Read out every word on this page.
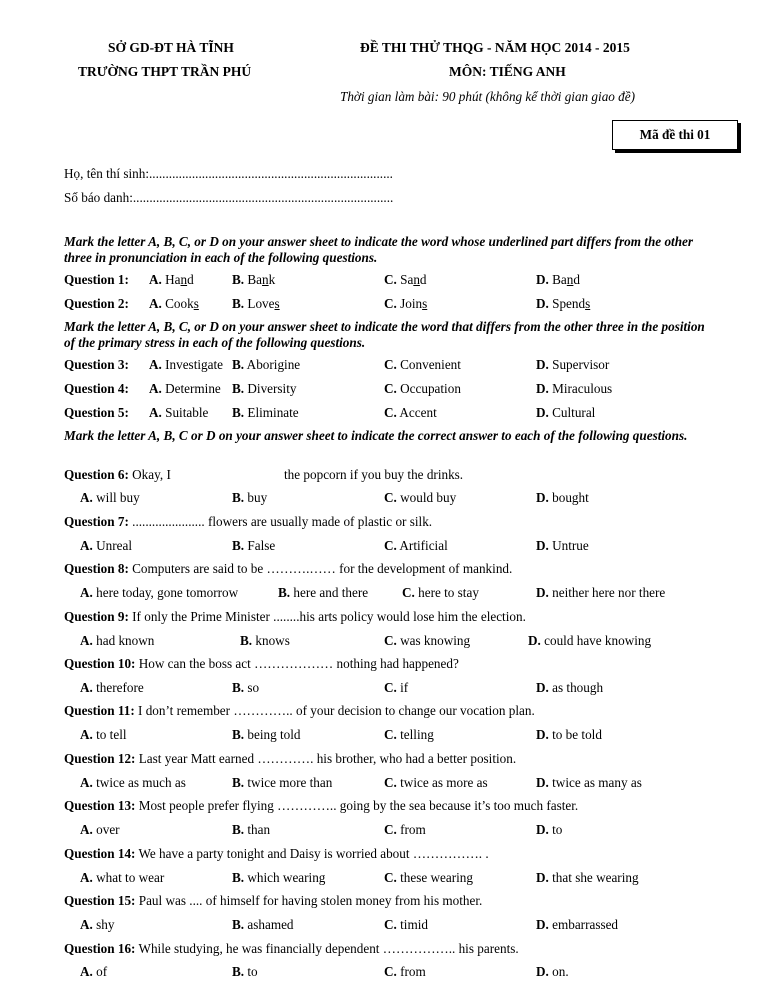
SỞ GD-ĐT HÀ TĨNH
TRƯỜNG THPT TRẦN PHÚ
ĐỀ THI THỬ THQG - NĂM HỌC 2014 - 2015
MÔN: TIẾNG ANH
Thời gian làm bài: 90 phút (không kể thời gian giao đề)
Mã đề thi 01
Họ, tên thí sinh:..........................................................................
Số báo danh:...............................................................................
Mark the letter A, B, C, or D on your answer sheet to indicate the word whose underlined part differs from the other three in pronunciation in each of the following questions.
Question 1: A. Hand	B. Bank	C. Sand	D. Band
Question 2: A. Cooks	B. Loves	C. Joins	D. Spends
Mark the letter A, B, C, or D on your answer sheet to indicate the word that differs from the other three in the position of the primary stress in each of the following questions.
Question 3: A. Investigate B. Aborigine	C. Convenient	D. Supervisor
Question 4: A. Determine B. Diversity	C. Occupation	D. Miraculous
Question 5: A. Suitable B. Eliminate	C. Accent	D. Cultural
Mark the letter A, B, C or D on your answer sheet to indicate the correct answer to each of the following questions.
Question 6: Okay, I	the popcorn if you buy the drinks.
A. will buy	B. buy	C. would buy	D. bought
Question 7: ...................... flowers are usually made of plastic or silk.
A. Unreal	B. False	C. Artificial	D. Untrue
Question 8: Computers are said to be ……….…… for the development of mankind.
A. here today, gone tomorrow	B. here and there	C. here to stay	D. neither here nor there
Question 9: If only the Prime Minister ........his arts policy would lose him the election.
A. had known	B. knows	C. was knowing	D. could have knowing
Question 10: How can the boss act ……………… nothing had happened?
A. therefore	B. so	C. if	D. as though
Question 11: I don’t remember ………….. of your decision to change our vocation plan.
A. to tell	B. being told	C. telling	D. to be told
Question 12: Last year Matt earned …………. his brother, who had a better position.
A. twice as much as	B. twice more than	C. twice as more as	D. twice as many as
Question 13: Most people prefer flying ………….. going by the sea because it’s too much faster.
A. over	B. than	C. from	D. to
Question 14: We have a party tonight and Daisy is worried about ……………. .
A. what to wear	B. which wearing	C. these wearing	D. that she wearing
Question 15: Paul was .... of himself for having stolen money from his mother.
A. shy	B. ashamed	C. timid	D. embarrassed
Question 16: While studying, he was financially dependent …………….. his parents.
A. of	B. to	C. from	D. on.
